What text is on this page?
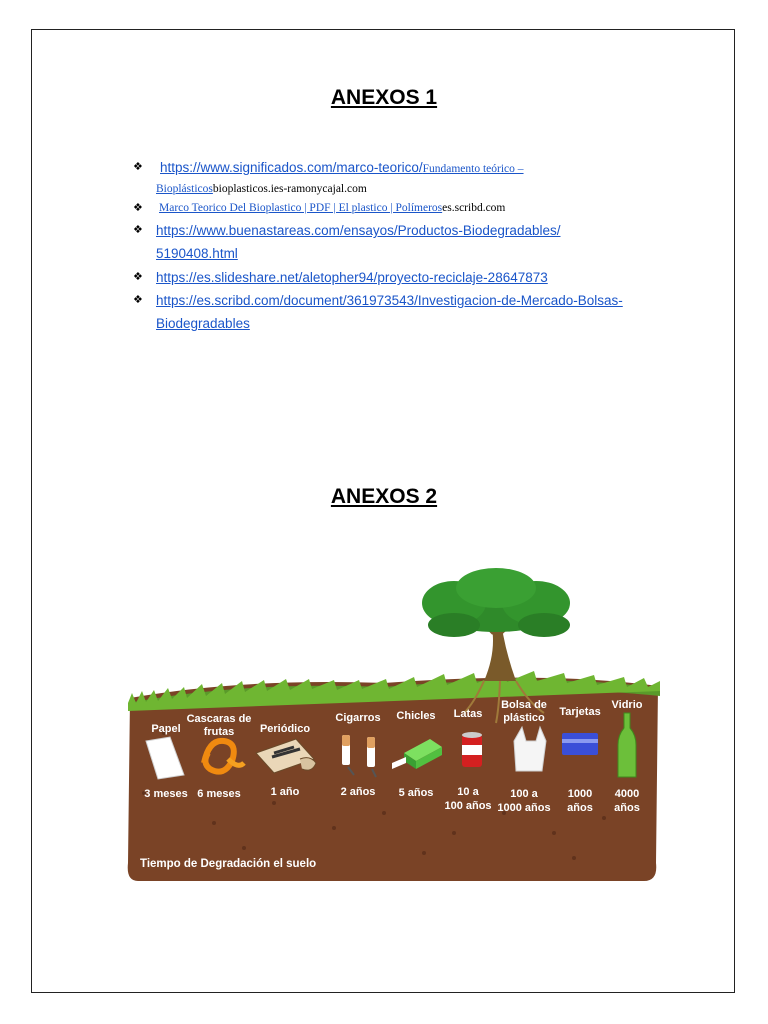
ANEXOS 1
❖ https://www.significados.com/marco-teorico/Fundamento teórico –
Bioplásticosbioplasticos.ies-ramonycajal.com
❖ Marco Teorico Del Bioplastico | PDF | El plastico | Polímeroses.scribd.com
❖ https://www.buenastareas.com/ensayos/Productos-Biodegradables/
5190408.html
❖ https://es.slideshare.net/aletopher94/proyecto-reciclaje-28647873
❖ https://es.scribd.com/document/361973543/Investigacion-de-Mercado-Bolsas-
Biodegradables
ANEXOS 2
Papel
3 meses
Cascaras de
frutas
6 meses
Periódico
1 año
Cigarros
2 años
Chicles
5 años
Latas
10 a
100 años
Bolsa de
plástico
100 a
1000 años
Tarjetas
1000
años
Vidrio
4000
años
Tiempo de Degradación el suelo
